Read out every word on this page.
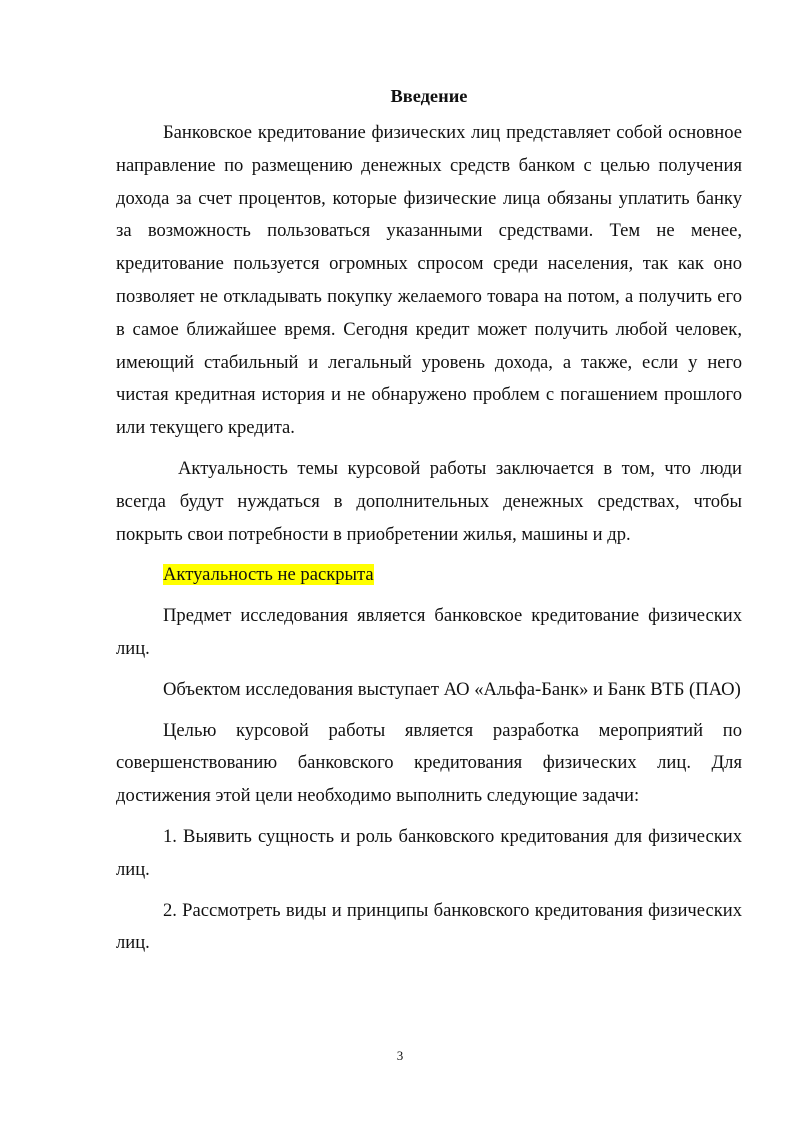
Введение

Банковское кредитование физических лиц представляет собой основное направление по размещению денежных средств банком с целью получения дохода за счет процентов, которые физические лица обязаны уплатить банку за возможность пользоваться указанными средствами. Тем не менее, кредитование пользуется огромных спросом среди населения, так как оно позволяет не откладывать покупку желаемого товара на потом, а получить его в самое ближайшее время. Сегодня кредит может получить любой человек, имеющий стабильный и легальный уровень дохода, а также, если у него чистая кредитная история и не обнаружено проблем с погашением прошлого или текущего кредита.

Актуальность темы курсовой работы заключается в том, что люди всегда будут нуждаться в дополнительных денежных средствах, чтобы покрыть свои потребности в приобретении жилья, машины и др.

Актуальность не раскрыта

Предмет исследования является банковское кредитование физических лиц.

Объектом исследования выступает АО «Альфа-Банк» и Банк ВТБ (ПАО)

Целью курсовой работы является разработка мероприятий по совершенствованию банковского кредитования физических лиц. Для достижения этой цели необходимо выполнить следующие задачи:

1. Выявить сущность и роль банковского кредитования для физических лиц.

2. Рассмотреть виды и принципы банковского кредитования физических лиц.

3
